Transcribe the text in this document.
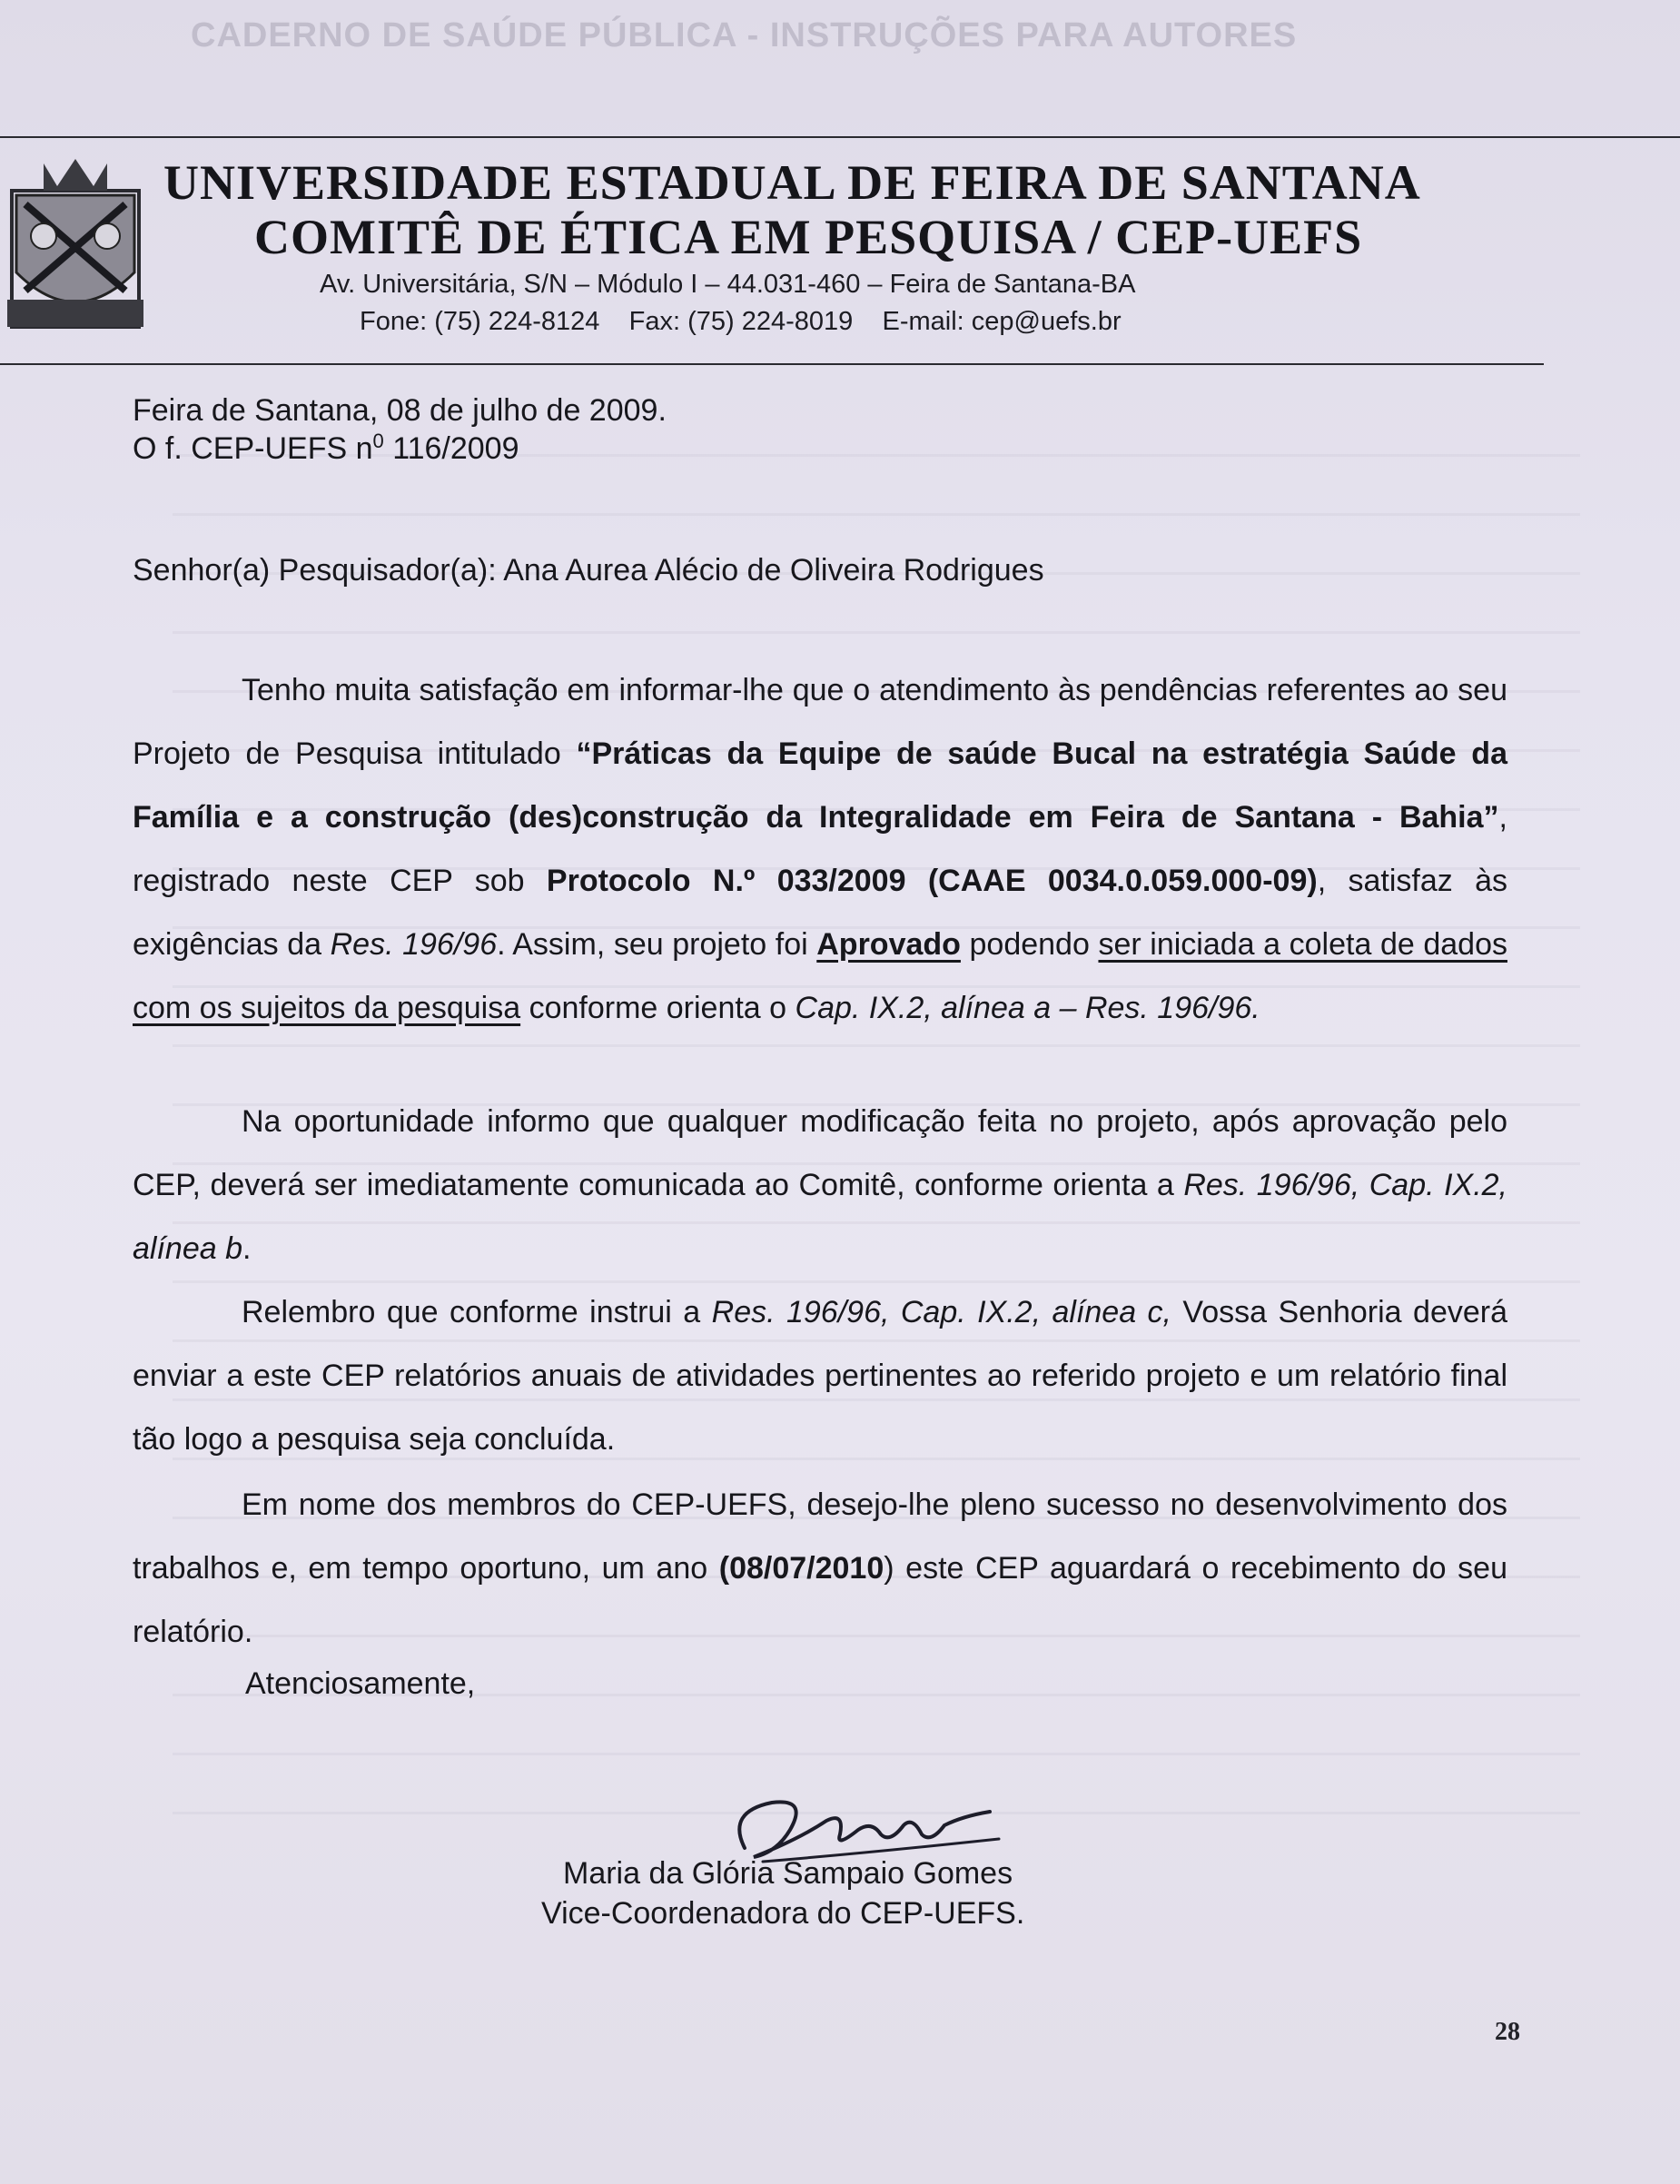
CADERNO DE SAÚDE PÚBLICA - INSTRUÇÕES PARA AUTORES
UNIVERSIDADE ESTADUAL DE FEIRA DE SANTANA
COMITÊ DE ÉTICA EM PESQUISA / CEP-UEFS
Av. Universitária, S/N – Módulo I – 44.031-460 – Feira de Santana-BA
Fone: (75) 224-8124    Fax: (75) 224-8019    E-mail: cep@uefs.br
Feira de Santana, 08 de julho de 2009.
O f. CEP-UEFS $n^0$ 116/2009
Senhor(a) Pesquisador(a): Ana Aurea Alécio de Oliveira Rodrigues
Tenho muita satisfação em informar-lhe que o atendimento às pendências referentes ao seu Projeto de Pesquisa intitulado “Práticas da Equipe de saúde Bucal na estratégia Saúde da Família e a construção (des)construção da Integralidade em Feira de Santana - Bahia”, registrado neste CEP sob Protocolo N.º 033/2009 (CAAE 0034.0.059.000-09), satisfaz às exigências da Res. 196/96. Assim, seu projeto foi Aprovado podendo ser iniciada a coleta de dados com os sujeitos da pesquisa conforme orienta o Cap. IX.2, alínea a – Res. 196/96.
Na oportunidade informo que qualquer modificação feita no projeto, após aprovação pelo CEP, deverá ser imediatamente comunicada ao Comitê, conforme orienta a Res. 196/96, Cap. IX.2, alínea b.
Relembro que conforme instrui a Res. 196/96, Cap. IX.2, alínea c, Vossa Senhoria deverá enviar a este CEP relatórios anuais de atividades pertinentes ao referido projeto e um relatório final tão logo a pesquisa seja concluída.
Em nome dos membros do CEP-UEFS, desejo-lhe pleno sucesso no desenvolvimento dos trabalhos e, em tempo oportuno, um ano (08/07/2010) este CEP aguardará o recebimento do seu relatório.
Atenciosamente,
Maria da Glória Sampaio Gomes
Vice-Coordenadora do CEP-UEFS.
28
